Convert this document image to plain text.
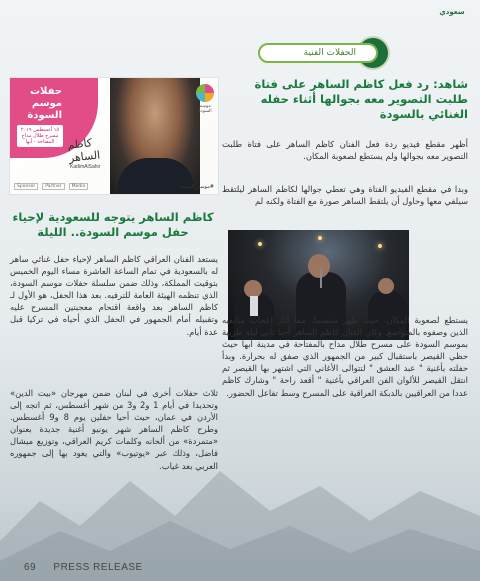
سعودي
الحفلات الفنية
شاهد: رد فعل كاظم الساهر على فتاة طلبت التصوير معه بجوالها أثناء حفله الغنائي بالسودة
أظهر مقطع فيديو ردة فعل الفنان كاظم الساهر على فتاة طلبت التصوير معه بجوالها ولم يستطع لصعوبة المكان.
وبدا في مقطع الفيديو الفتاة وهي تعطي جوالها لكاظم الساهر ليلتقط سيلفي معها وحاول أن يلتقط الساهر صورة مع الفتاة ولكنه لم
يستطع لصعوبة المكان، حيث ظهر مبتسما، مما أثار إعجاب متابعيه الذين وصفوه بالمتواضع. وكان الفنان كاظم الساهر أحيا ثاني ليلة طربية بموسم السودة على مسرح طلال مداح بالمفتاحة في مدينة أبها حيث حظي القيصر باستقبال كبير من الجمهور الذي صفق له بحرارة. وبدأ حفلته بأغنية " عبد العشق " لتتوالى الأغاني التي اشتهر بها القيصر ثم انتقل القيصر للألوان الفن العراقي بأغنية " أقعد راحة " وشارك كاظم عددا من العراقيين بالدبكة العراقية على المسرح وسط تفاعل الحضور.
حفلات موسم السودة
١٥ أغسطس ٢٠١٩ مسرح طلال مداح المفتاحة - أبها	كاظم الساهر
KadimAlSahir
موسم السودة
Sponsor	Partner	Media	#موسم_السودة
كاظم الساهر يتوجه للسعودية لإحياء حفل موسم السودة.. الليلة
يستعد الفنان العراقي كاظم الساهر لإحياء حفل غنائي ساهر له بالسعودية في تمام الساعة العاشرة مساء اليوم الخميس بتوقيت المملكة، وذلك ضمن سلسلة حفلات موسم السودة، الذي تنظمه الهيئة العامة للترفيه. بعد هذا الحفل، هو الأول لـ كاظم الساهر بعد واقعة اقتحام معجبتين المسرح عليه وتقبيله أمام الجمهور في الحفل الذي أحياه في تركيا قبل عدة أيام.
ثلاث حفلات أخرى في لبنان ضمن مهرجان «بيت الدين» وتحديدا في أيام 1 و2 و3 من شهر أغسطس، ثم اتجه إلى الأردن في عمان، حيث أحيا حفلين يوم 8 و9 أغسطس. وطرح كاظم الساهر شهر يونيو أغنية جديدة بعنوان «متمردة» من ألحانه وكلمات كريم العراقي، وتوزيع ميشال فاضل، وذلك عبر «يوتيوب» والتي يعود بها إلى جمهوره العربي بعد غياب.
69 PRESS RELEASE
